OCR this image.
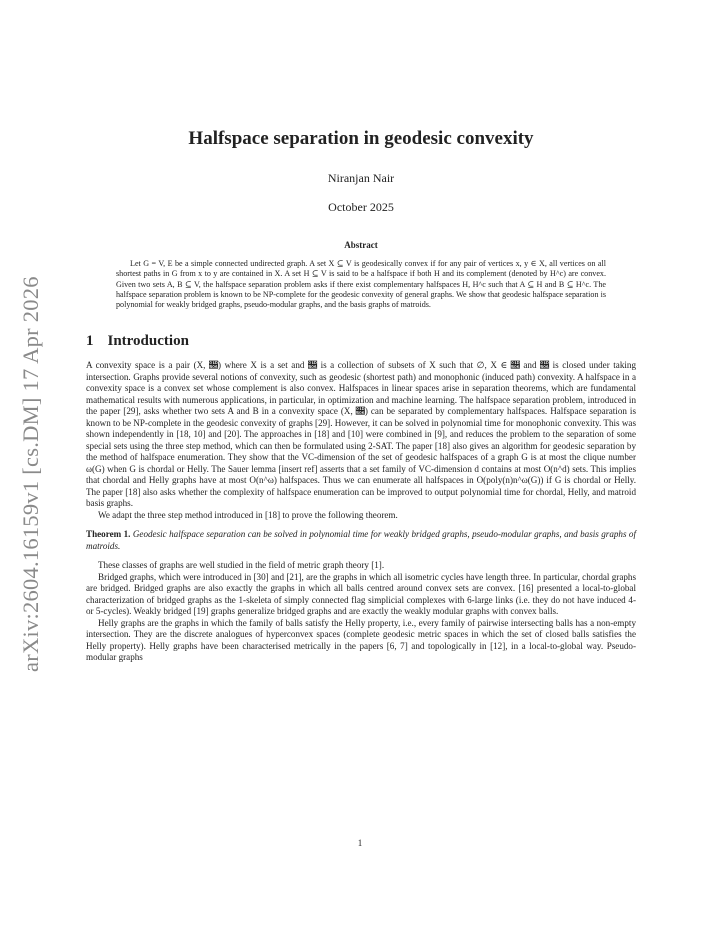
arXiv:2604.16159v1 [cs.DM] 17 Apr 2026
Halfspace separation in geodesic convexity
Niranjan Nair
October 2025
Abstract

Let G = V, E be a simple connected undirected graph. A set X ⊆ V is geodesically convex if for any pair of vertices x, y ∈ X, all vertices on all shortest paths in G from x to y are contained in X. A set H ⊆ V is said to be a halfspace if both H and its complement (denoted by H^c) are convex. Given two sets A, B ⊆ V, the halfspace separation problem asks if there exist complementary halfspaces H, H^c such that A ⊆ H and B ⊆ H^c. The halfspace separation problem is known to be NP-complete for the geodesic convexity of general graphs. We show that geodesic halfspace separation is polynomial for weakly bridged graphs, pseudo-modular graphs, and the basis graphs of matroids.

1 Introduction

A convexity space is a pair (X, 𝔆) where X is a set and 𝔆 is a collection of subsets of X such that ∅, X ∈ 𝔆 and 𝔆 is closed under taking intersection. Graphs provide several notions of convexity, such as geodesic (shortest path) and monophonic (induced path) convexity. A halfspace in a convexity space is a convex set whose complement is also convex. Halfspaces in linear spaces arise in separation theorems, which are fundamental mathematical results with numerous applications, in particular, in optimization and machine learning. The halfspace separation problem, introduced in the paper [29], asks whether two sets A and B in a convexity space (X, 𝔆) can be separated by complementary halfspaces. Halfspace separation is known to be NP-complete in the geodesic convexity of graphs [29]. However, it can be solved in polynomial time for monophonic convexity. This was shown independently in [18, 10] and [20]. The approaches in [18] and [10] were combined in [9], and reduces the problem to the separation of some special sets using the three step method, which can then be formulated using 2-SAT. The paper [18] also gives an algorithm for geodesic separation by the method of halfspace enumeration. They show that the VC-dimension of the set of geodesic halfspaces of a graph G is at most the clique number ω(G) when G is chordal or Helly. The Sauer lemma [insert ref] asserts that a set family of VC-dimension d contains at most O(n^d) sets. This implies that chordal and Helly graphs have at most O(n^ω) halfspaces. Thus we can enumerate all halfspaces in O(poly(n)n^ω(G)) if G is chordal or Helly. The paper [18] also asks whether the complexity of halfspace enumeration can be improved to output polynomial time for chordal, Helly, and matroid basis graphs.

We adapt the three step method introduced in [18] to prove the following theorem.

Theorem 1. Geodesic halfspace separation can be solved in polynomial time for weakly bridged graphs, pseudo-modular graphs, and basis graphs of matroids.

These classes of graphs are well studied in the field of metric graph theory [1].

Bridged graphs, which were introduced in [30] and [21], are the graphs in which all isometric cycles have length three. In particular, chordal graphs are bridged. Bridged graphs are also exactly the graphs in which all balls centred around convex sets are convex. [16] presented a local-to-global characterization of bridged graphs as the 1-skeleta of simply connected flag simplicial complexes with 6-large links (i.e. they do not have induced 4- or 5-cycles). Weakly bridged [19] graphs generalize bridged graphs and are exactly the weakly modular graphs with convex balls.

Helly graphs are the graphs in which the family of balls satisfy the Helly property, i.e., every family of pairwise intersecting balls has a non-empty intersection. They are the discrete analogues of hyperconvex spaces (complete geodesic metric spaces in which the set of closed balls satisfies the Helly property). Helly graphs have been characterised metrically in the papers [6, 7] and topologically in [12], in a local-to-global way. Pseudo-modular graphs

1
